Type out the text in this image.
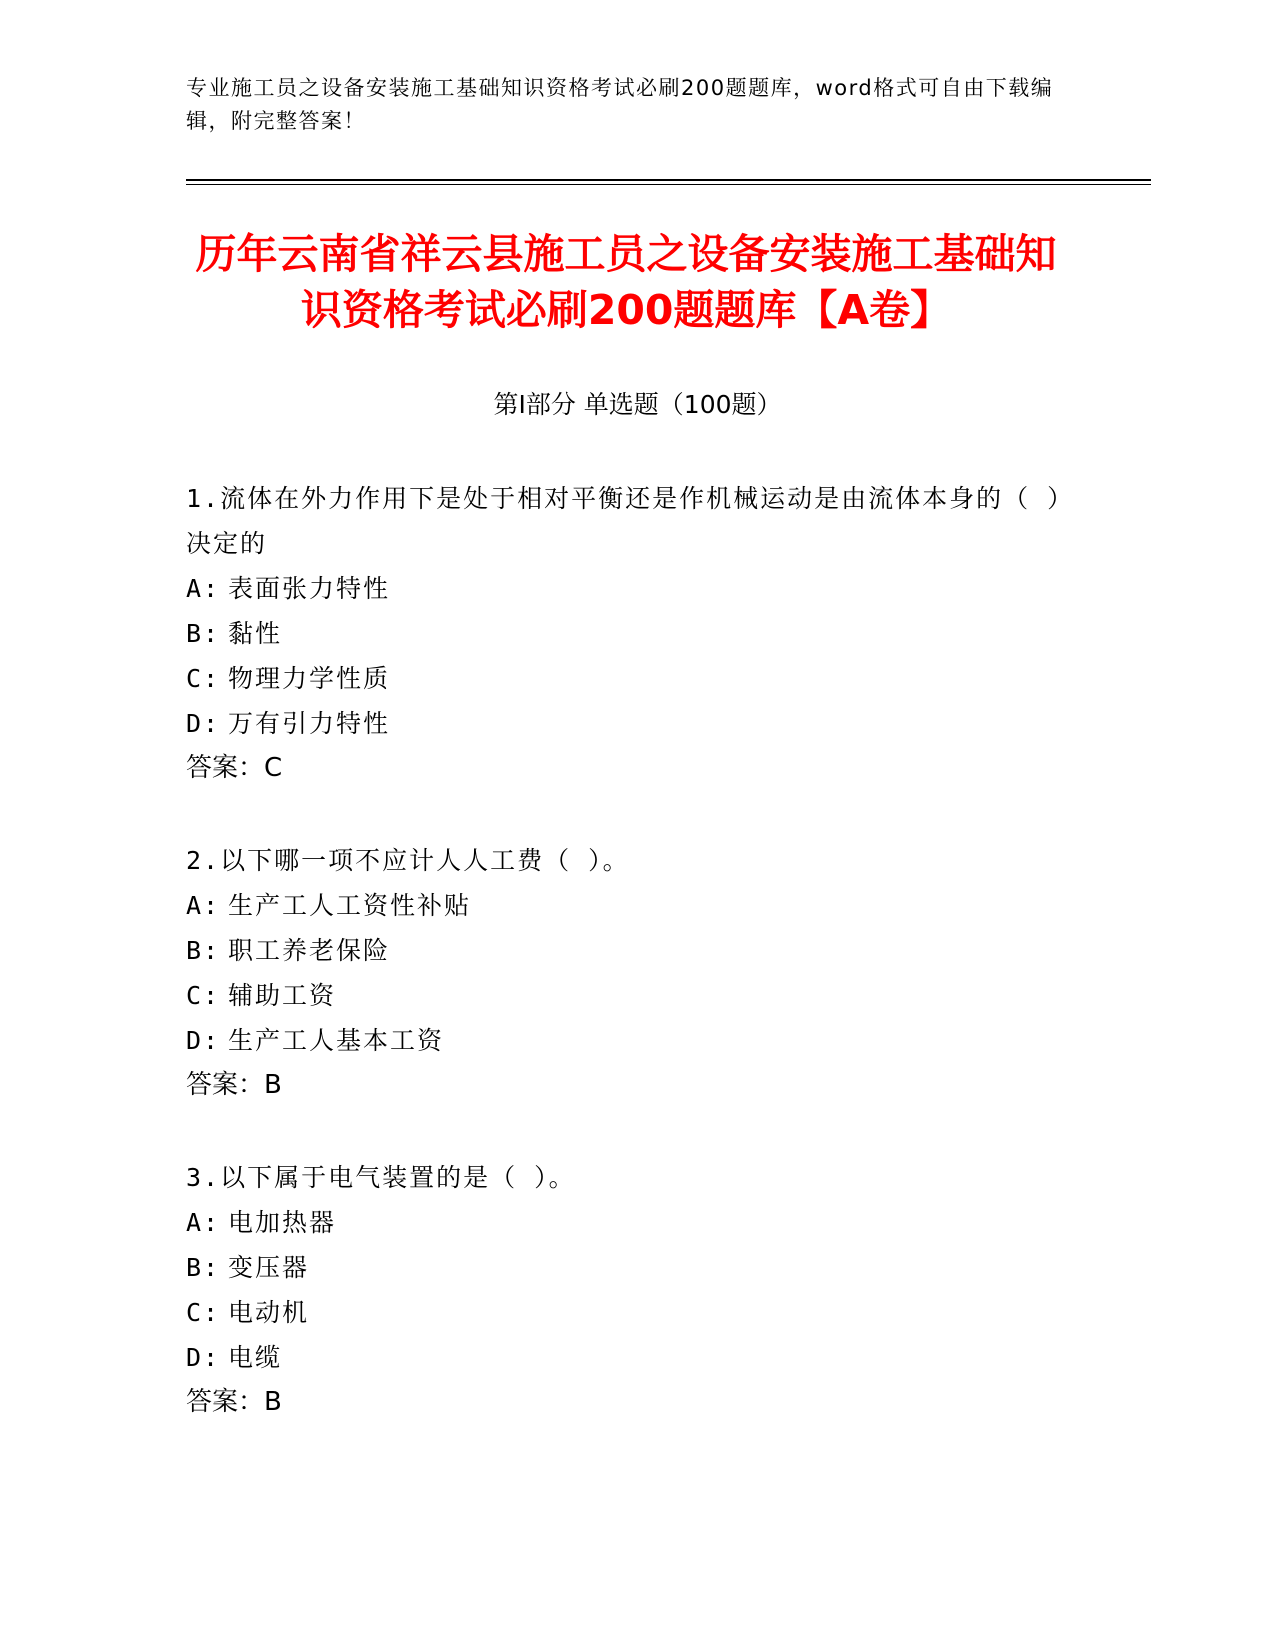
专业施工员之设备安装施工基础知识资格考试必刷200题题库，word格式可自由下载编辑，附完整答案！
历年云南省祥云县施工员之设备安装施工基础知识资格考试必刷200题题库【A卷】
第Ⅰ部分 单选题（100题）

1.流体在外力作用下是处于相对平衡还是作机械运动是由流体本身的（ ）决定的

A: 表面张力特性

B: 黏性

C: 物理力学性质

D: 万有引力特性

答案：C

2.以下哪一项不应计人人工费（ ）。

A: 生产工人工资性补贴

B: 职工养老保险

C: 辅助工资

D: 生产工人基本工资

答案：B

3.以下属于电气装置的是（ ）。

A: 电加热器

B: 变压器

C: 电动机

D: 电缆

答案：B
